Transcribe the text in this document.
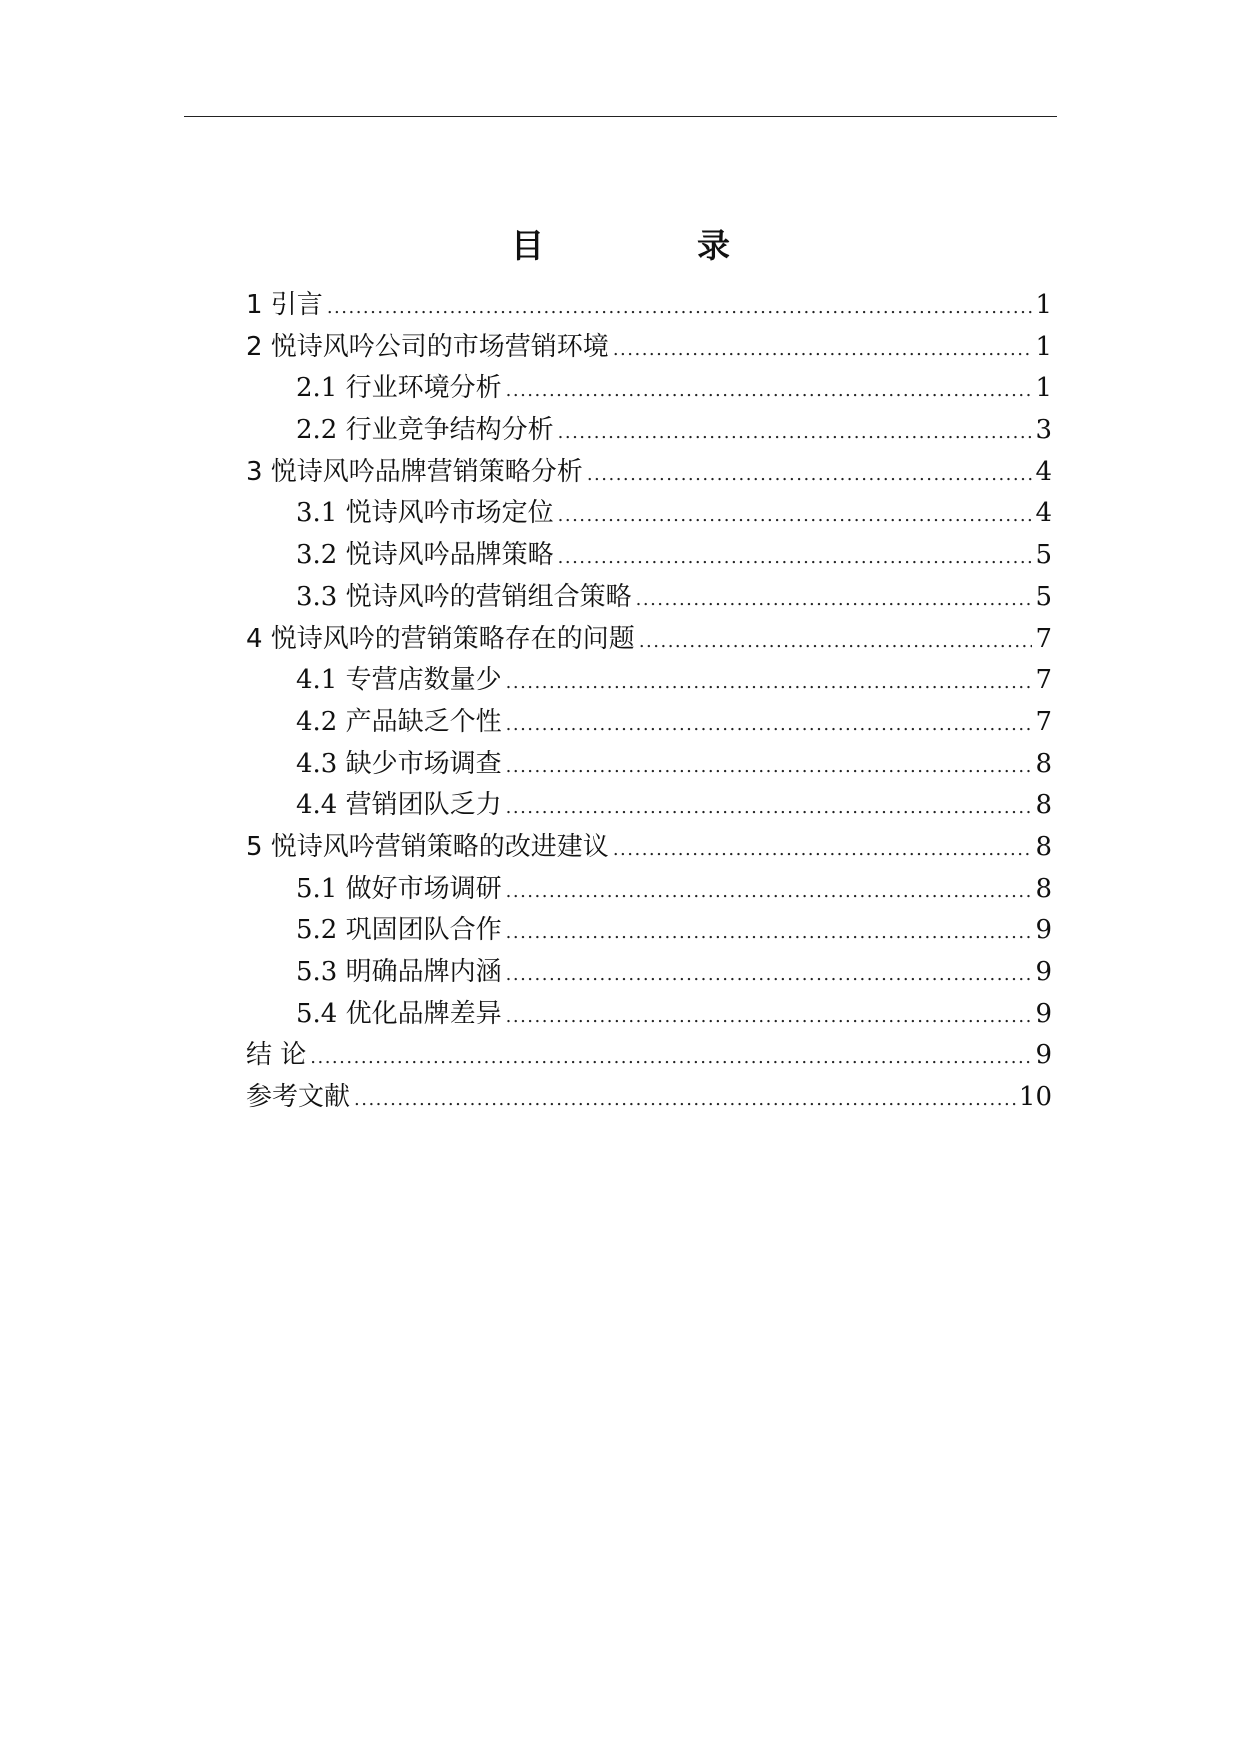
目　录
1 引言 .....	1
2 悦诗风吟公司的市场营销环境 .....	1
2.1 行业环境分析 .....	1
2.2 行业竞争结构分析 .....	3
3 悦诗风吟品牌营销策略分析 .....	4
3.1 悦诗风吟市场定位 .....	4
3.2 悦诗风吟品牌策略 .....	5
3.3 悦诗风吟的营销组合策略 .....	5
4 悦诗风吟的营销策略存在的问题 .....	7
4.1 专营店数量少 .....	7
4.2 产品缺乏个性 .....	7
4.3 缺少市场调查 .....	8
4.4 营销团队乏力 .....	8
5 悦诗风吟营销策略的改进建议 .....	8
5.1 做好市场调研 .....	8
5.2 巩固团队合作 .....	9
5.3 明确品牌内涵 .....	9
5.4 优化品牌差异 .....	9
结 论 .....	9
参考文献 .....	10
